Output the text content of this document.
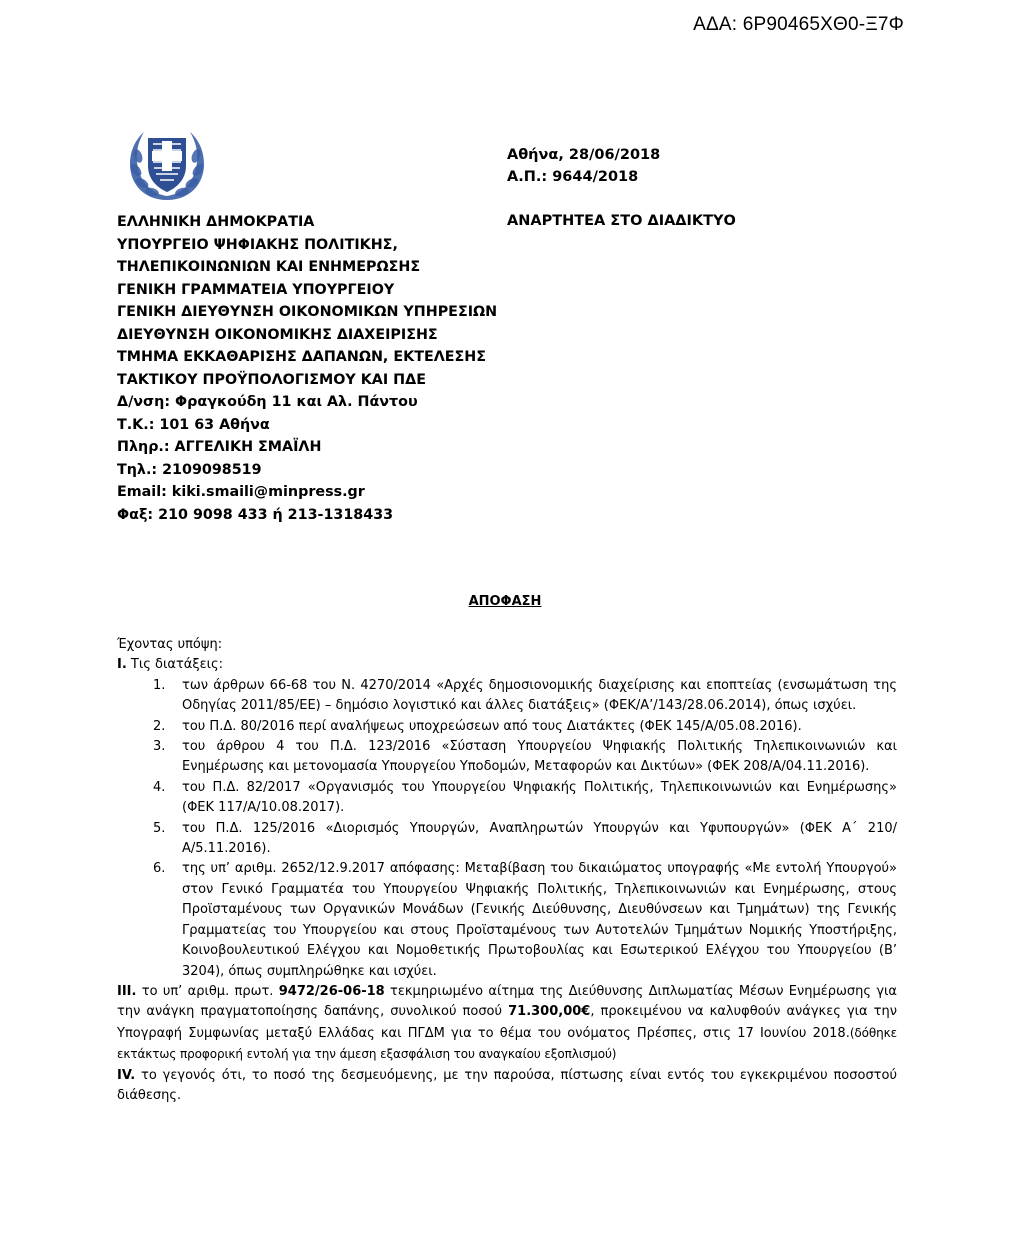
ΑΔΑ: 6Ρ90465ΧΘ0-Ξ7Φ
Αθήνα, 28/06/2018
Α.Π.: 9644/2018
ΑΝΑΡΤΗΤΕΑ ΣΤΟ ΔΙΑΔΙΚΤΥΟ
ΕΛΛΗΝΙΚΗ ΔΗΜΟΚΡΑΤΙΑ
ΥΠΟΥΡΓΕΙΟ ΨΗΦΙΑΚΗΣ ΠΟΛΙΤΙΚΗΣ,
ΤΗΛΕΠΙΚΟΙΝΩΝΙΩΝ ΚΑΙ ΕΝΗΜΕΡΩΣΗΣ
ΓΕΝΙΚΗ ΓΡΑΜΜΑΤΕΙΑ ΥΠΟΥΡΓΕΙΟΥ
ΓΕΝΙΚΗ ΔΙΕΥΘΥΝΣΗ ΟΙΚΟΝΟΜΙΚΩΝ ΥΠΗΡΕΣΙΩΝ
ΔΙΕΥΘΥΝΣΗ ΟΙΚΟΝΟΜΙΚΗΣ ΔΙΑΧΕΙΡΙΣΗΣ
ΤΜΗΜΑ ΕΚΚΑΘΑΡΙΣΗΣ ΔΑΠΑΝΩΝ, ΕΚΤΕΛΕΣΗΣ
ΤΑΚΤΙΚΟΥ ΠΡΟΫΠΟΛΟΓΙΣΜΟΥ ΚΑΙ ΠΔΕ
Δ/νση: Φραγκούδη 11 και Αλ. Πάντου
Τ.Κ.: 101 63 Αθήνα
Πληρ.: ΑΓΓΕΛΙΚΗ ΣΜΑΪΛΗ
Τηλ.: 2109098519
Email: kiki.smaili@minpress.gr
Φαξ: 210 9098 433 ή 213-1318433
ΑΠΟΦΑΣΗ

Έχοντας υπόψη:

Ι. Τις διατάξεις:

1.	των άρθρων 66-68 του Ν. 4270/2014 «Αρχές δημοσιονομικής διαχείρισης και εποπτείας (ενσωμάτωση της Οδηγίας 2011/85/ΕΕ) – δημόσιο λογιστικό και άλλες διατάξεις» (ΦΕΚ/Α’/143/28.06.2014), όπως ισχύει.
2.	του Π.Δ. 80/2016 περί αναλήψεως υποχρεώσεων από τους Διατάκτες (ΦΕΚ 145/Α/05.08.2016).
3.	του άρθρου 4 του Π.Δ. 123/2016 «Σύσταση Υπουργείου Ψηφιακής Πολιτικής Τηλεπικοινωνιών και Ενημέρωσης και μετονομασία Υπουργείου Υποδομών, Μεταφορών και Δικτύων» (ΦΕΚ 208/Α/04.11.2016).
4.	του Π.Δ. 82/2017 «Οργανισμός του Υπουργείου Ψηφιακής Πολιτικής, Τηλεπικοινωνιών και Ενημέρωσης» (ΦΕΚ 117/Α/10.08.2017).
5.	του Π.Δ. 125/2016 «Διορισμός Υπουργών, Αναπληρωτών Υπουργών και Υφυπουργών» (ΦΕΚ Α΄ 210/Α/5.11.2016).
6.	της υπ’ αριθμ. 2652/12.9.2017 απόφασης: Μεταβίβαση του δικαιώματος υπογραφής «Με εντολή Υπουργού» στον Γενικό Γραμματέα του Υπουργείου Ψηφιακής Πολιτικής, Τηλεπικοινωνιών και Ενημέρωσης, στους Προϊσταμένους των Οργανικών Μονάδων (Γενικής Διεύθυνσης, Διευθύνσεων και Τμημάτων) της Γενικής Γραμματείας του Υπουργείου και στους Προϊσταμένους των Αυτοτελών Τμημάτων Νομικής Υποστήριξης, Κοινοβουλευτικού Ελέγχου και Νομοθετικής Πρωτοβουλίας και Εσωτερικού Ελέγχου του Υπουργείου (Β’ 3204), όπως συμπληρώθηκε και ισχύει.

ΙΙΙ. το υπ’ αριθμ. πρωτ. 9472/26-06-18 τεκμηριωμένο αίτημα της Διεύθυνσης Διπλωματίας Μέσων Ενημέρωσης για την ανάγκη πραγματοποίησης δαπάνης, συνολικού ποσού 71.300,00€, προκειμένου να καλυφθούν ανάγκες για την Υπογραφή Συμφωνίας μεταξύ Ελλάδας και ΠΓΔΜ για το θέμα του ονόματος Πρέσπες, στις 17 Ιουνίου 2018.(δόθηκε εκτάκτως προφορική εντολή για την άμεση εξασφάλιση του αναγκαίου εξοπλισμού)

IV. το γεγονός ότι, το ποσό της δεσμευόμενης, με την παρούσα, πίστωσης είναι εντός του εγκεκριμένου ποσοστού διάθεσης.
